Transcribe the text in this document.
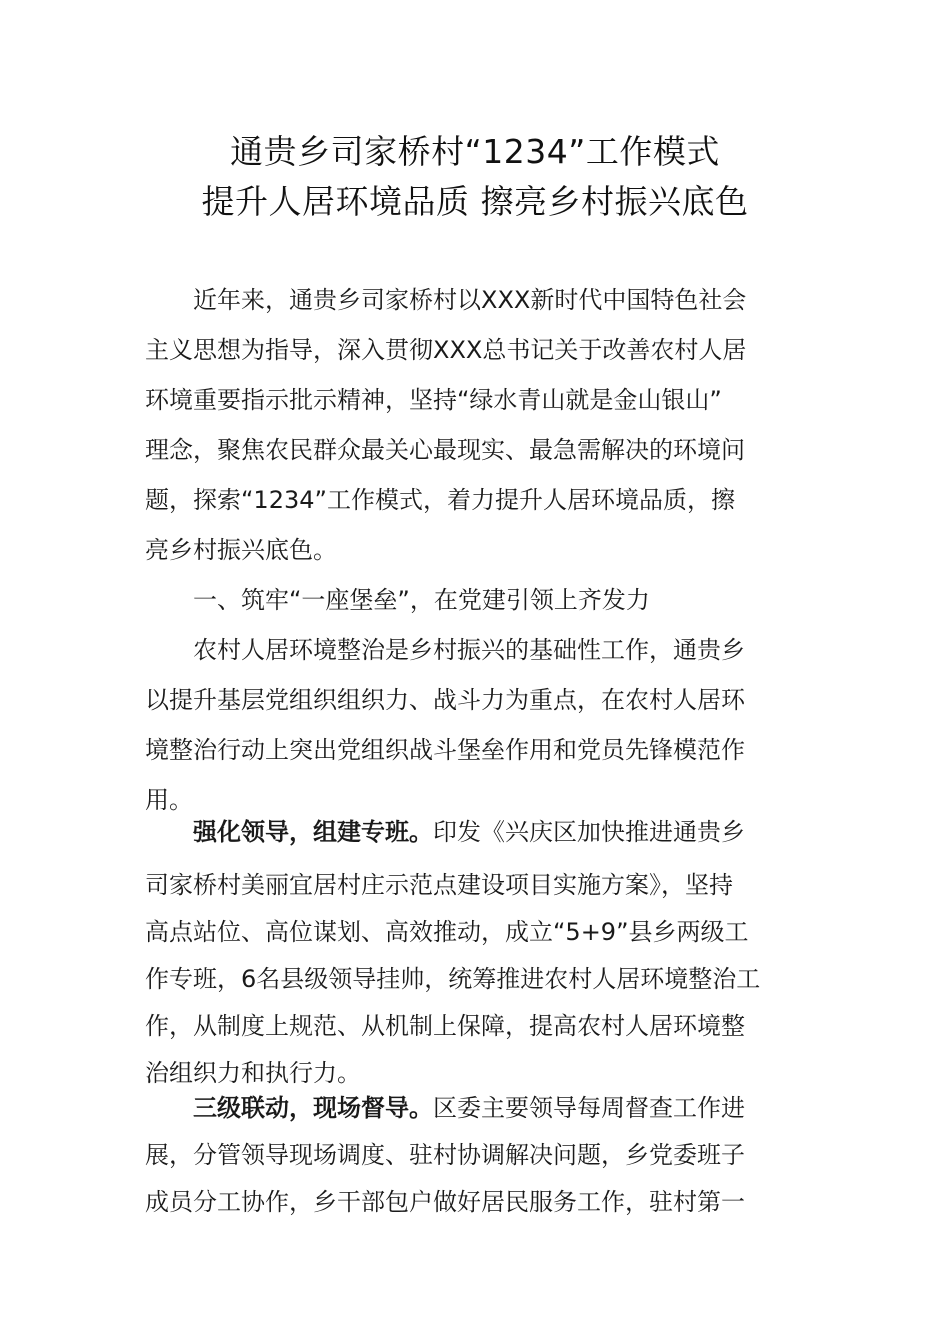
通贵乡司家桥村“1234”工作模式
提升人居环境品质 擦亮乡村振兴底色
近年来，通贵乡司家桥村以XXX新时代中国特色社会
主义思想为指导，深入贯彻XXX总书记关于改善农村人居
环境重要指示批示精神，坚持“绿水青山就是金山银山”
理念，聚焦农民群众最关心最现实、最急需解决的环境问
题，探索“1234”工作模式，着力提升人居环境品质，擦
亮乡村振兴底色。
一、筑牢“一座堡垒”，在党建引领上齐发力
农村人居环境整治是乡村振兴的基础性工作，通贵乡
以提升基层党组织组织力、战斗力为重点，在农村人居环
境整治行动上突出党组织战斗堡垒作用和党员先锋模范作
用。
强化领导，组建专班。印发《兴庆区加快推进通贵乡
司家桥村美丽宜居村庄示范点建设项目实施方案》，坚持
高点站位、高位谋划、高效推动，成立“5+9”县乡两级工
作专班，6名县级领导挂帅，统筹推进农村人居环境整治工
作，从制度上规范、从机制上保障，提高农村人居环境整
治组织力和执行力。
三级联动，现场督导。区委主要领导每周督查工作进
展，分管领导现场调度、驻村协调解决问题，乡党委班子
成员分工协作，乡干部包户做好居民服务工作，驻村第一
